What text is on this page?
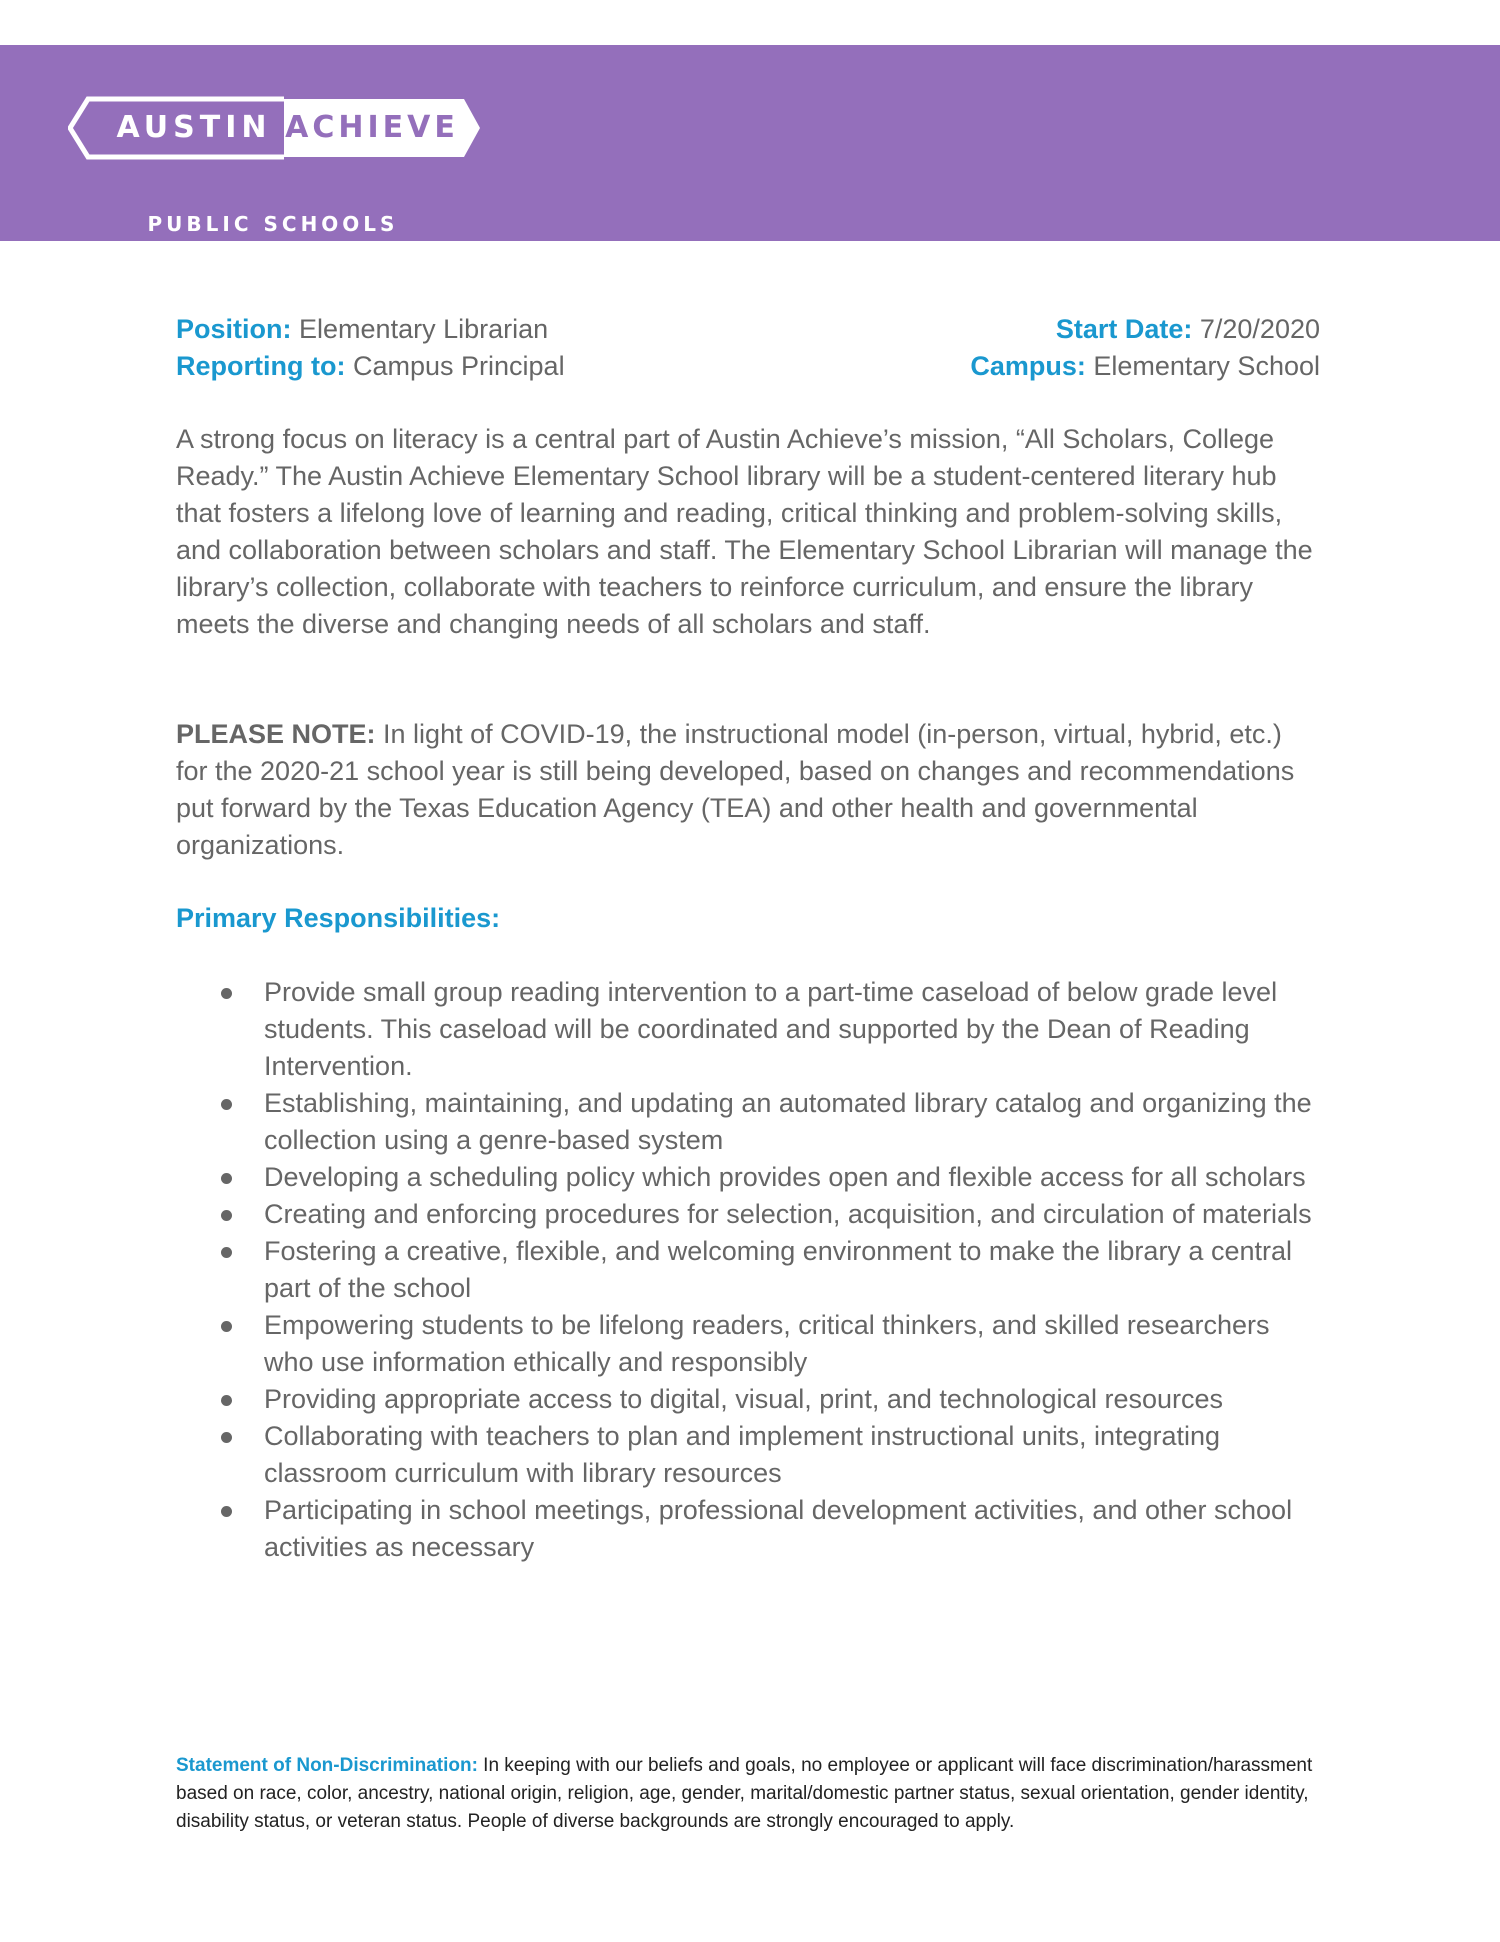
AUSTIN ACHIEVE
PUBLIC SCHOOLS
Position: Elementary Librarian	Start Date: 7/20/2020
Reporting to: Campus Principal	Campus: Elementary School

A strong focus on literacy is a central part of Austin Achieve’s mission, “All Scholars, College Ready.” The Austin Achieve Elementary School library will be a student-centered literary hub that fosters a lifelong love of learning and reading, critical thinking and problem-solving skills, and collaboration between scholars and staff. The Elementary School Librarian will manage the library’s collection, collaborate with teachers to reinforce curriculum, and ensure the library meets the diverse and changing needs of all scholars and staff.

PLEASE NOTE: In light of COVID-19, the instructional model (in-person, virtual, hybrid, etc.) for the 2020-21 school year is still being developed, based on changes and recommendations put forward by the Texas Education Agency (TEA) and other health and governmental organizations.

Primary Responsibilities:
Provide small group reading intervention to a part-time caseload of below grade level students. This caseload will be coordinated and supported by the Dean of Reading Intervention.
Establishing, maintaining, and updating an automated library catalog and organizing the collection using a genre-based system
Developing a scheduling policy which provides open and flexible access for all scholars
Creating and enforcing procedures for selection, acquisition, and circulation of materials
Fostering a creative, flexible, and welcoming environment to make the library a central part of the school
Empowering students to be lifelong readers, critical thinkers, and skilled researchers who use information ethically and responsibly
Providing appropriate access to digital, visual, print, and technological resources
Collaborating with teachers to plan and implement instructional units, integrating classroom curriculum with library resources
Participating in school meetings, professional development activities, and other school activities as necessary

Statement of Non-Discrimination: In keeping with our beliefs and goals, no employee or applicant will face discrimination/harassment based on race, color, ancestry, national origin, religion, age, gender, marital/domestic partner status, sexual orientation, gender identity, disability status, or veteran status. People of diverse backgrounds are strongly encouraged to apply.
